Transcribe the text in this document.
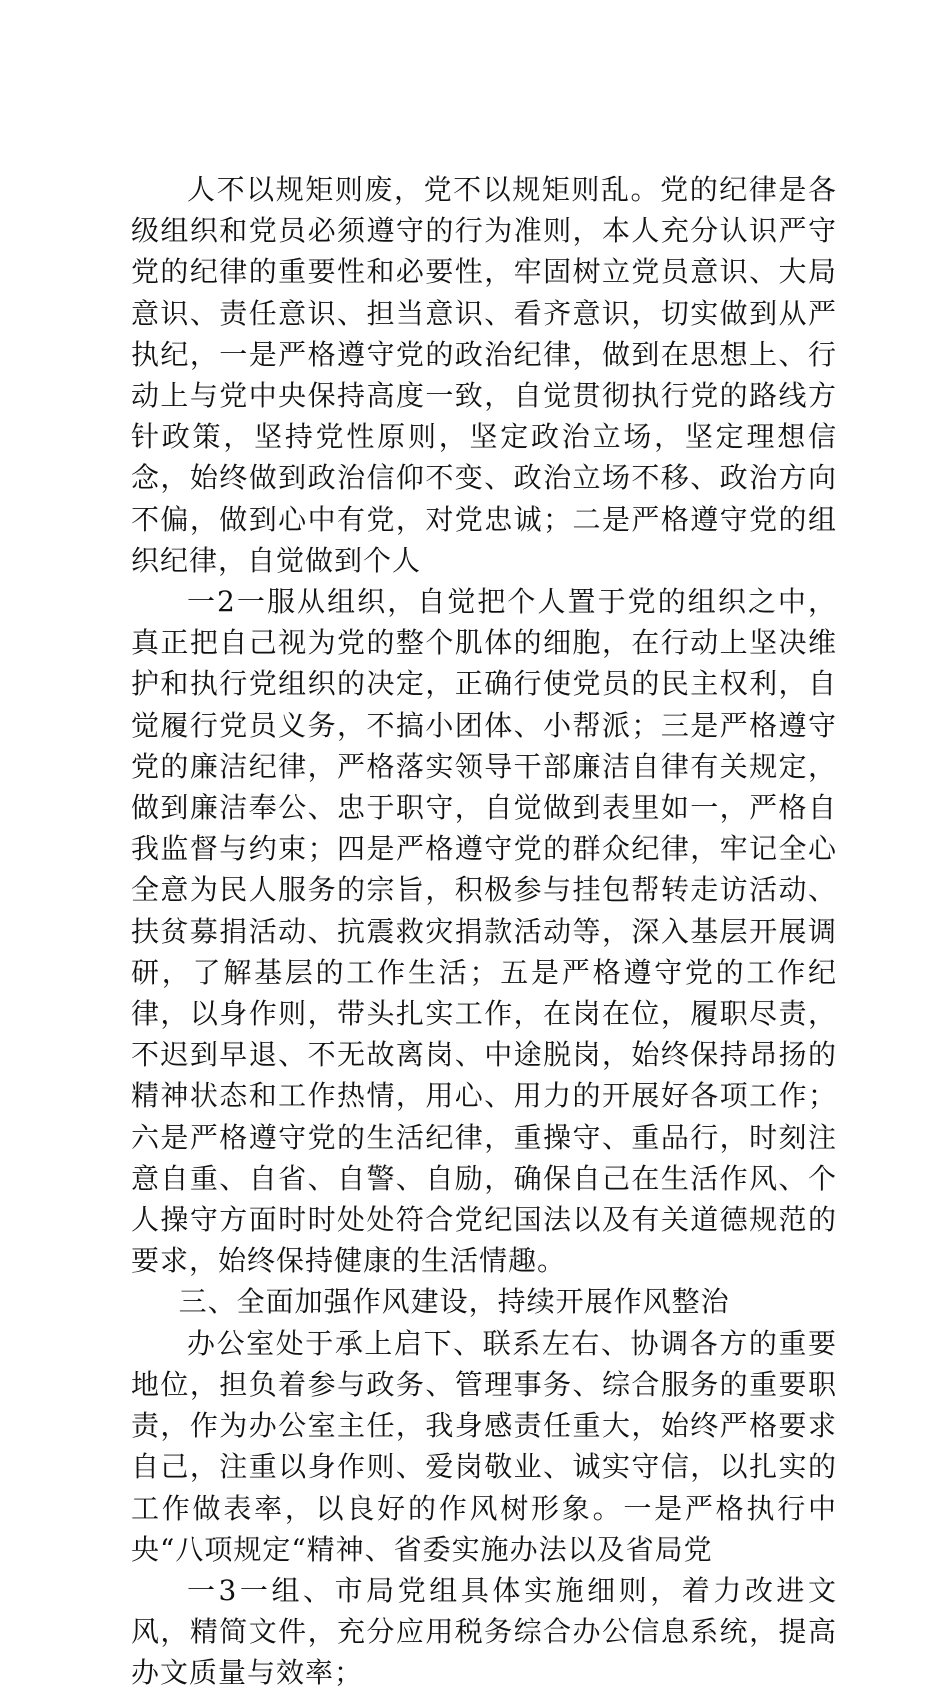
人不以规矩则废，党不以规矩则乱。党的纪律是各级组织和党员必须遵守的行为准则，本人充分认识严守党的纪律的重要性和必要性，牢固树立党员意识、大局意识、责任意识、担当意识、看齐意识，切实做到从严执纪，一是严格遵守党的政治纪律，做到在思想上、行动上与党中央保持高度一致，自觉贯彻执行党的路线方针政策，坚持党性原则，坚定政治立场，坚定理想信念，始终做到政治信仰不变、政治立场不移、政治方向不偏，做到心中有党，对党忠诚；二是严格遵守党的组织纪律，自觉做到个人

一2一服从组织，自觉把个人置于党的组织之中，真正把自己视为党的整个肌体的细胞，在行动上坚决维护和执行党组织的决定，正确行使党员的民主权利，自觉履行党员义务，不搞小团体、小帮派；三是严格遵守党的廉洁纪律，严格落实领导干部廉洁自律有关规定，做到廉洁奉公、忠于职守，自觉做到表里如一，严格自我监督与约束；四是严格遵守党的群众纪律，牢记全心全意为民人服务的宗旨，积极参与挂包帮转走访活动、扶贫募捐活动、抗震救灾捐款活动等，深入基层开展调研，了解基层的工作生活；五是严格遵守党的工作纪律，以身作则，带头扎实工作，在岗在位，履职尽责，不迟到早退、不无故离岗、中途脱岗，始终保持昂扬的精神状态和工作热情，用心、用力的开展好各项工作；六是严格遵守党的生活纪律，重操守、重品行，时刻注意自重、自省、自警、自励，确保自己在生活作风、个人操守方面时时处处符合党纪国法以及有关道德规范的要求，始终保持健康的生活情趣。

三、全面加强作风建设，持续开展作风整治

办公室处于承上启下、联系左右、协调各方的重要地位，担负着参与政务、管理事务、综合服务的重要职责，作为办公室主任，我身感责任重大，始终严格要求自己，注重以身作则、爱岗敬业、诚实守信，以扎实的工作做表率，以良好的作风树形象。一是严格执行中央“八项规定“精神、省委实施办法以及省局党

一3一组、市局党组具体实施细则，着力改进文风，精简文件，充分应用税务综合办公信息系统，提高办文质量与效率；
